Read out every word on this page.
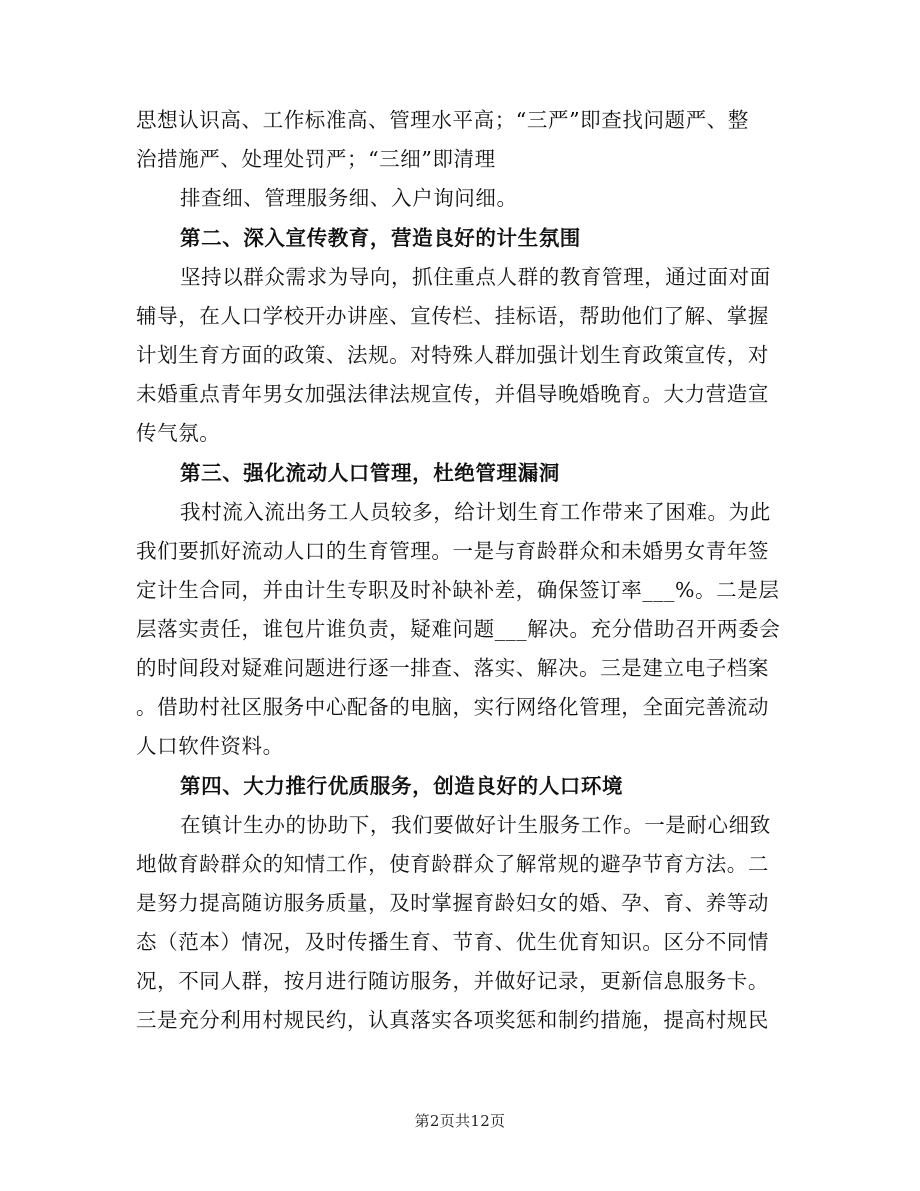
思想认识高、工作标准高、管理水平高；“三严”即查找问题严、整

治措施严、处理处罚严；“三细”即清理

排查细、管理服务细、入户询问细。

第二、深入宣传教育，营造良好的计生氛围

坚持以群众需求为导向，抓住重点人群的教育管理，通过面对面

辅导，在人口学校开办讲座、宣传栏、挂标语，帮助他们了解、掌握

计划生育方面的政策、法规。对特殊人群加强计划生育政策宣传，对

未婚重点青年男女加强法律法规宣传，并倡导晚婚晚育。大力营造宣

传气氛。

第三、强化流动人口管理，杜绝管理漏洞

我村流入流出务工人员较多，给计划生育工作带来了困难。为此

我们要抓好流动人口的生育管理。一是与育龄群众和未婚男女青年签

定计生合同，并由计生专职及时补缺补差，确保签订率___%。二是层

层落实责任，谁包片谁负责，疑难问题___解决。充分借助召开两委会

的时间段对疑难问题进行逐一排查、落实、解决。三是建立电子档案

。借助村社区服务中心配备的电脑，实行网络化管理，全面完善流动

人口软件资料。

第四、大力推行优质服务，创造良好的人口环境

在镇计生办的协助下，我们要做好计生服务工作。一是耐心细致

地做育龄群众的知情工作，使育龄群众了解常规的避孕节育方法。二

是努力提高随访服务质量，及时掌握育龄妇女的婚、孕、育、养等动

态（范本）情况，及时传播生育、节育、优生优育知识。区分不同情

况，不同人群，按月进行随访服务，并做好记录，更新信息服务卡。

三是充分利用村规民约，认真落实各项奖惩和制约措施，提高村规民

第2页共12页
